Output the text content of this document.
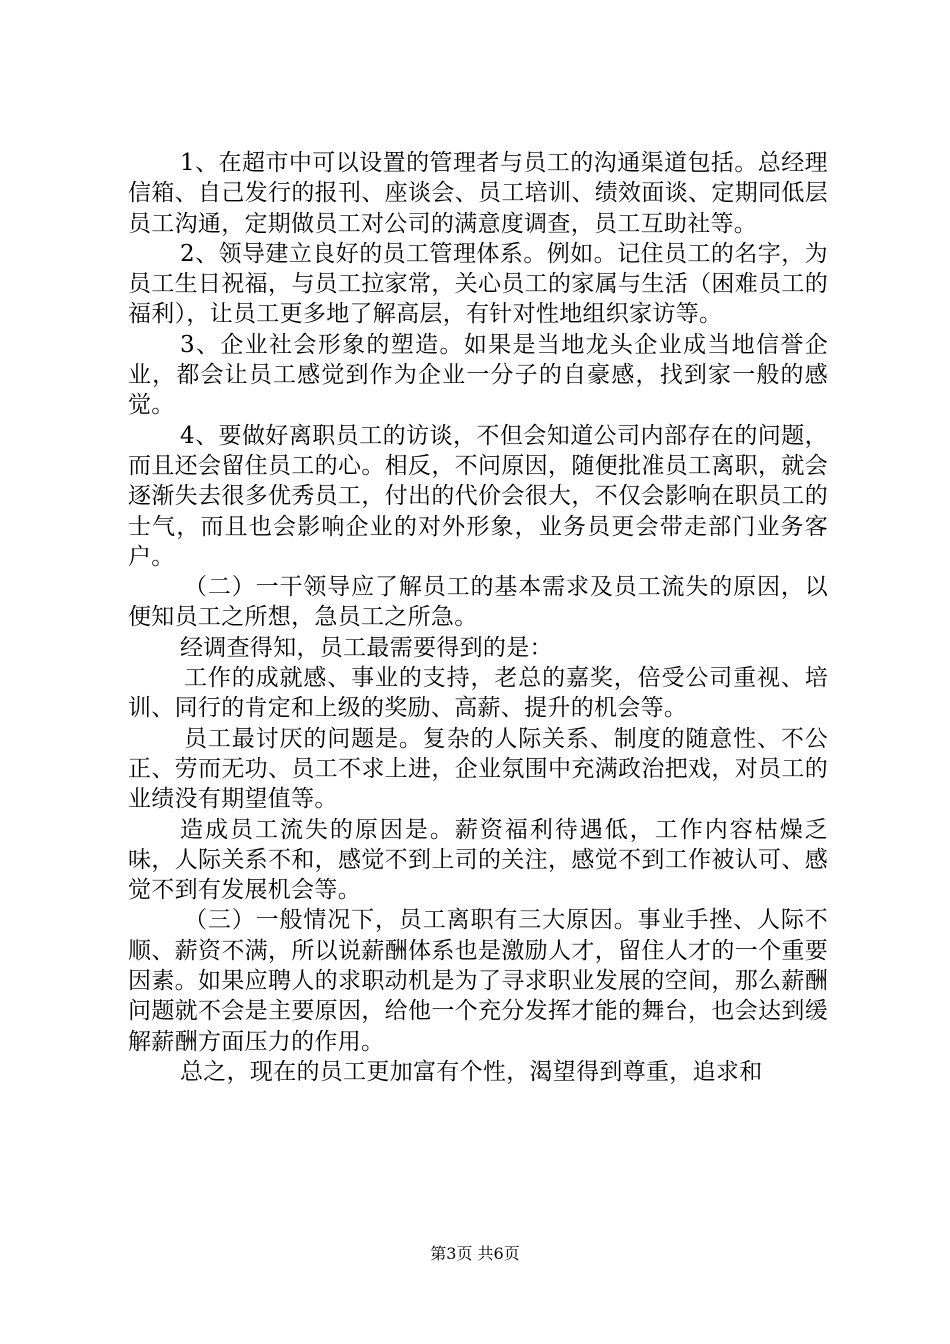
1、在超市中可以设置的管理者与员工的沟通渠道包括。总经理信箱、自己发行的报刊、座谈会、员工培训、绩效面谈、定期同低层员工沟通，定期做员工对公司的满意度调查，员工互助社等。

2、领导建立良好的员工管理体系。例如。记住员工的名字，为员工生日祝福，与员工拉家常，关心员工的家属与生活（困难员工的福利），让员工更多地了解高层，有针对性地组织家访等。

3、企业社会形象的塑造。如果是当地龙头企业成当地信誉企业，都会让员工感觉到作为企业一分子的自豪感，找到家一般的感觉。

4、要做好离职员工的访谈，不但会知道公司内部存在的问题，而且还会留住员工的心。相反，不问原因，随便批准员工离职，就会逐渐失去很多优秀员工，付出的代价会很大，不仅会影响在职员工的士气，而且也会影响企业的对外形象，业务员更会带走部门业务客户。

（二）一干领导应了解员工的基本需求及员工流失的原因，以便知员工之所想，急员工之所急。

经调查得知，员工最需要得到的是：

工作的成就感、事业的支持，老总的嘉奖，倍受公司重视、培训、同行的肯定和上级的奖励、高薪、提升的机会等。

员工最讨厌的问题是。复杂的人际关系、制度的随意性、不公正、劳而无功、员工不求上进，企业氛围中充满政治把戏，对员工的业绩没有期望值等。

造成员工流失的原因是。薪资福利待遇低，工作内容枯燥乏味，人际关系不和，感觉不到上司的关注，感觉不到工作被认可、感觉不到有发展机会等。

（三）一般情况下，员工离职有三大原因。事业手挫、人际不顺、薪资不满，所以说薪酬体系也是激励人才，留住人才的一个重要因素。如果应聘人的求职动机是为了寻求职业发展的空间，那么薪酬问题就不会是主要原因，给他一个充分发挥才能的舞台，也会达到缓解薪酬方面压力的作用。

总之，现在的员工更加富有个性，渴望得到尊重，追求和

第3页 共6页
